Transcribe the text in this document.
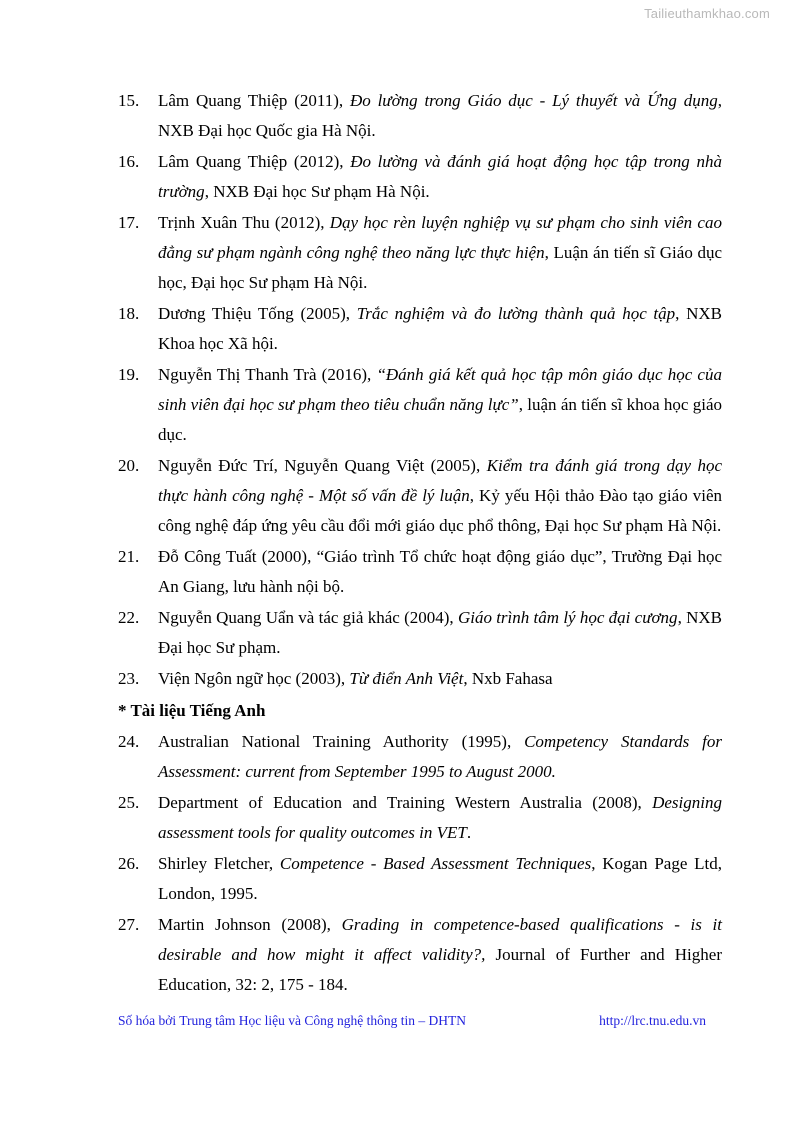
Tailieuthamkhao.com
15.	Lâm Quang Thiệp (2011), Đo lường trong Giáo dục - Lý thuyết và Ứng dụng, NXB Đại học Quốc gia Hà Nội.
16.	Lâm Quang Thiệp (2012), Đo lường và đánh giá hoạt động học tập trong nhà trường, NXB Đại học Sư phạm Hà Nội.
17.	Trịnh Xuân Thu (2012), Dạy học rèn luyện nghiệp vụ sư phạm cho sinh viên cao đẳng sư phạm ngành công nghệ theo năng lực thực hiện, Luận án tiến sĩ Giáo dục học, Đại học Sư phạm Hà Nội.
18.	Dương Thiệu Tống (2005), Trắc nghiệm và đo lường thành quả học tập, NXB Khoa học Xã hội.
19.	Nguyễn Thị Thanh Trà (2016), “Đánh giá kết quả học tập môn giáo dục học của sinh viên đại học sư phạm theo tiêu chuẩn năng lực”, luận án tiến sĩ khoa học giáo dục.
20.	Nguyễn Đức Trí, Nguyễn Quang Việt (2005), Kiểm tra đánh giá trong dạy học thực hành công nghệ - Một số vấn đề lý luận, Kỷ yếu Hội thảo Đào tạo giáo viên công nghệ đáp ứng yêu cầu đổi mới giáo dục phổ thông, Đại học Sư phạm Hà Nội.
21.	Đỗ Công Tuất (2000), “Giáo trình Tổ chức hoạt động giáo dục”, Trường Đại học An Giang, lưu hành nội bộ.
22.	Nguyễn Quang Uẩn và tác giả khác (2004), Giáo trình tâm lý học đại cương, NXB Đại học Sư phạm.
23.	Viện Ngôn ngữ học (2003), Từ điển Anh Việt, Nxb Fahasa
* Tài liệu Tiếng Anh
24.	Australian National Training Authority (1995), Competency Standards for Assessment: current from September 1995 to August 2000.
25.	Department of Education and Training Western Australia (2008), Designing assessment tools for quality outcomes in VET.
26.	Shirley Fletcher, Competence - Based Assessment Techniques, Kogan Page Ltd, London, 1995.
27.	Martin Johnson (2008), Grading in competence-based qualifications - is it desirable and how might it affect validity?, Journal of Further and Higher Education, 32: 2, 175 - 184.
Số hóa bởi Trung tâm Học liệu và Công nghệ thông tin – DHTN	http://lrc.tnu.edu.vn
